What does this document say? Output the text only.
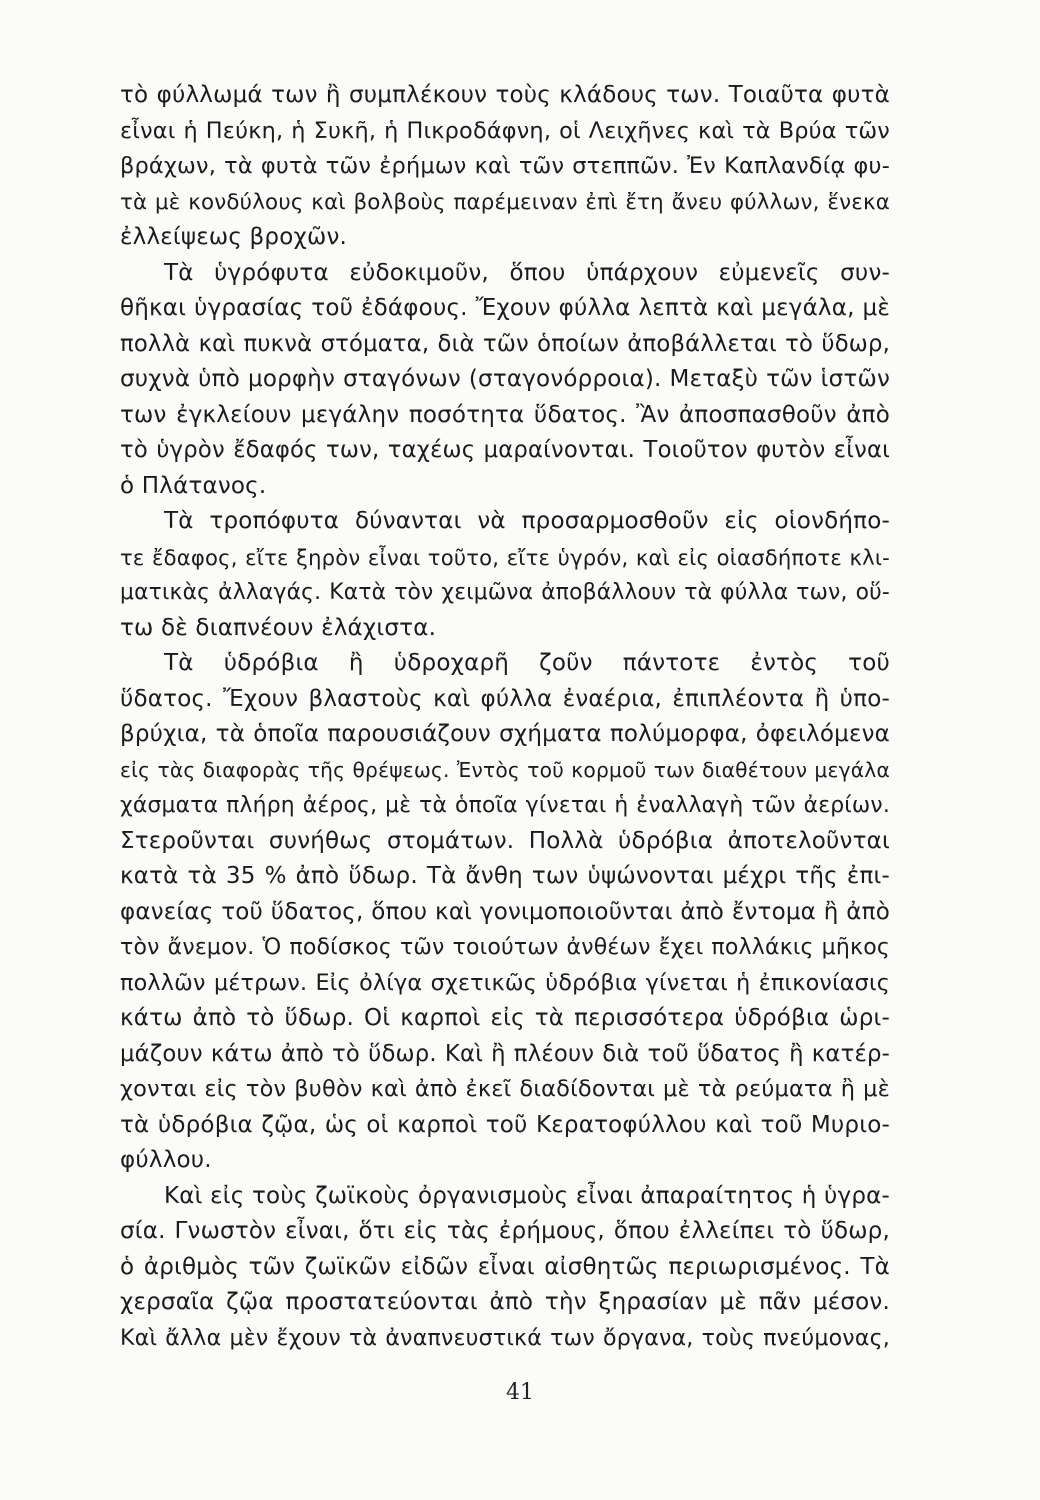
τὸ φύλλωμά των ἢ συμπλέκουν τοὺς κλάδους των. Τοιαῦτα φυτὰ
εἶναι ἡ Πεύκη, ἡ Συκῆ, ἡ Πικροδάφνη, οἱ Λειχῆνες καὶ τὰ Βρύα τῶν
βράχων, τὰ φυτὰ τῶν ἐρήμων καὶ τῶν στεππῶν. Ἐν Καπλανδίᾳ φυ-
τὰ μὲ κονδύλους καὶ βολβοὺς παρέμειναν ἐπὶ ἔτη ἄνευ φύλλων, ἕνεκα
ἐλλείψεως βροχῶν.
Τὰ ὑγρόφυτα εὐδοκιμοῦν, ὅπου ὑπάρχουν εὐμενεῖς συν-
θῆκαι ὑγρασίας τοῦ ἐδάφους. Ἔχουν φύλλα λεπτὰ καὶ μεγάλα, μὲ
πολλὰ καὶ πυκνὰ στόματα, διὰ τῶν ὁποίων ἀποβάλλεται τὸ ὕδωρ,
συχνὰ ὑπὸ μορφὴν σταγόνων (σταγονόρροια). Μεταξὺ τῶν ἱστῶν
των ἐγκλείουν μεγάλην ποσότητα ὕδατος. Ἂν ἀποσπασθοῦν ἀπὸ
τὸ ὑγρὸν ἔδαφός των, ταχέως μαραίνονται. Τοιοῦτον φυτὸν εἶναι
ὁ Πλάτανος.
Τὰ τροπόφυτα δύνανται νὰ προσαρμοσθοῦν εἰς οἱονδήπο-
τε ἔδαφος, εἴτε ξηρὸν εἶναι τοῦτο, εἴτε ὑγρόν, καὶ εἰς οἱασδήποτε κλι-
ματικὰς ἀλλαγάς. Κατὰ τὸν χειμῶνα ἀποβάλλουν τὰ φύλλα των, οὕ-
τω δὲ διαπνέουν ἐλάχιστα.
Τὰ ὑδρόβια ἢ ὑδροχαρῆ ζοῦν πάντοτε ἐντὸς τοῦ
ὕδατος. Ἔχουν βλαστοὺς καὶ φύλλα ἐναέρια, ἐπιπλέοντα ἢ ὑπο-
βρύχια, τὰ ὁποῖα παρουσιάζουν σχήματα πολύμορφα, ὀφειλόμενα
εἰς τὰς διαφορὰς τῆς θρέψεως. Ἐντὸς τοῦ κορμοῦ των διαθέτουν μεγάλα
χάσματα πλήρη ἀέρος, μὲ τὰ ὁποῖα γίνεται ἡ ἐναλλαγὴ τῶν ἀερίων.
Στεροῦνται συνήθως στομάτων. Πολλὰ ὑδρόβια ἀποτελοῦνται
κατὰ τὰ 35 % ἀπὸ ὕδωρ. Τὰ ἄνθη των ὑψώνονται μέχρι τῆς ἐπι-
φανείας τοῦ ὕδατος, ὅπου καὶ γονιμοποιοῦνται ἀπὸ ἔντομα ἢ ἀπὸ
τὸν ἄνεμον. Ὁ ποδίσκος τῶν τοιούτων ἀνθέων ἔχει πολλάκις μῆκος
πολλῶν μέτρων. Εἰς ὀλίγα σχετικῶς ὑδρόβια γίνεται ἡ ἐπικονίασις
κάτω ἀπὸ τὸ ὕδωρ. Οἱ καρποὶ εἰς τὰ περισσότερα ὑδρόβια ὡρι-
μάζουν κάτω ἀπὸ τὸ ὕδωρ. Καὶ ἢ πλέουν διὰ τοῦ ὕδατος ἢ κατέρ-
χονται εἰς τὸν βυθὸν καὶ ἀπὸ ἐκεῖ διαδίδονται μὲ τὰ ρεύματα ἢ μὲ
τὰ ὑδρόβια ζῷα, ὡς οἱ καρποὶ τοῦ Κερατοφύλλου καὶ τοῦ Μυριο-
φύλλου.
Καὶ εἰς τοὺς ζωϊκοὺς ὀργανισμοὺς εἶναι ἀπαραίτητος ἡ ὑγρα-
σία. Γνωστὸν εἶναι, ὅτι εἰς τὰς ἐρήμους, ὅπου ἐλλείπει τὸ ὕδωρ,
ὁ ἀριθμὸς τῶν ζωϊκῶν εἰδῶν εἶναι αἰσθητῶς περιωρισμένος. Τὰ
χερσαῖα ζῷα προστατεύονται ἀπὸ τὴν ξηρασίαν μὲ πᾶν μέσον.
Καὶ ἄλλα μὲν ἔχουν τὰ ἀναπνευστικά των ὄργανα, τοὺς πνεύμονας,
41
